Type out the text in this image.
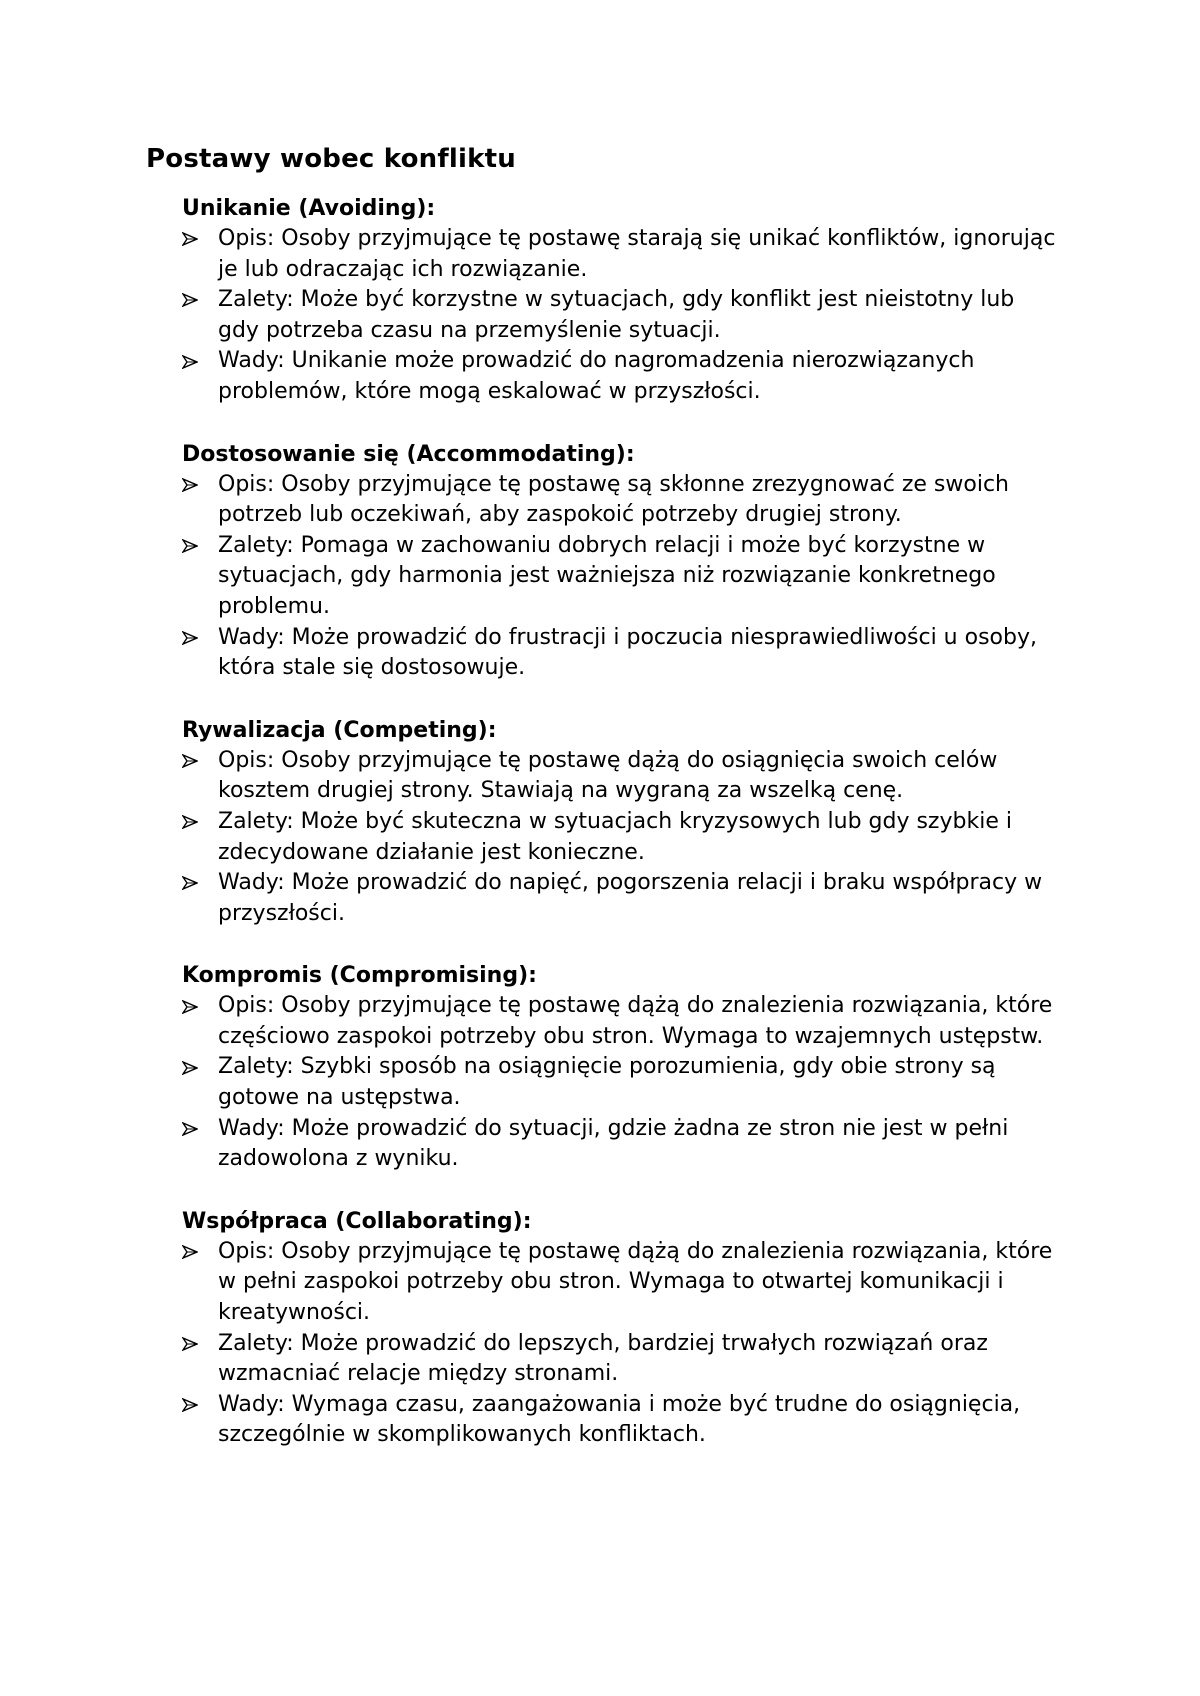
Postawy wobec konfliktu
Unikanie (Avoiding):
Opis: Osoby przyjmujące tę postawę starają się unikać konfliktów, ignorując je lub odraczając ich rozwiązanie.
Zalety: Może być korzystne w sytuacjach, gdy konflikt jest nieistotny lub gdy potrzeba czasu na przemyślenie sytuacji.
Wady: Unikanie może prowadzić do nagromadzenia nierozwiązanych problemów, które mogą eskalować w przyszłości.
Dostosowanie się (Accommodating):
Opis: Osoby przyjmujące tę postawę są skłonne zrezygnować ze swoich potrzeb lub oczekiwań, aby zaspokoić potrzeby drugiej strony.
Zalety: Pomaga w zachowaniu dobrych relacji i może być korzystne w sytuacjach, gdy harmonia jest ważniejsza niż rozwiązanie konkretnego problemu.
Wady: Może prowadzić do frustracji i poczucia niesprawiedliwości u osoby, która stale się dostosowuje.
Rywalizacja (Competing):
Opis: Osoby przyjmujące tę postawę dążą do osiągnięcia swoich celów kosztem drugiej strony. Stawiają na wygraną za wszelką cenę.
Zalety: Może być skuteczna w sytuacjach kryzysowych lub gdy szybkie i zdecydowane działanie jest konieczne.
Wady: Może prowadzić do napięć, pogorszenia relacji i braku współpracy w przyszłości.
Kompromis (Compromising):
Opis: Osoby przyjmujące tę postawę dążą do znalezienia rozwiązania, które częściowo zaspokoi potrzeby obu stron. Wymaga to wzajemnych ustępstw.
Zalety: Szybki sposób na osiągnięcie porozumienia, gdy obie strony są gotowe na ustępstwa.
Wady: Może prowadzić do sytuacji, gdzie żadna ze stron nie jest w pełni zadowolona z wyniku.
Współpraca (Collaborating):
Opis: Osoby przyjmujące tę postawę dążą do znalezienia rozwiązania, które w pełni zaspokoi potrzeby obu stron. Wymaga to otwartej komunikacji i kreatywności.
Zalety: Może prowadzić do lepszych, bardziej trwałych rozwiązań oraz wzmacniać relacje między stronami.
Wady: Wymaga czasu, zaangażowania i może być trudne do osiągnięcia, szczególnie w skomplikowanych konfliktach.
